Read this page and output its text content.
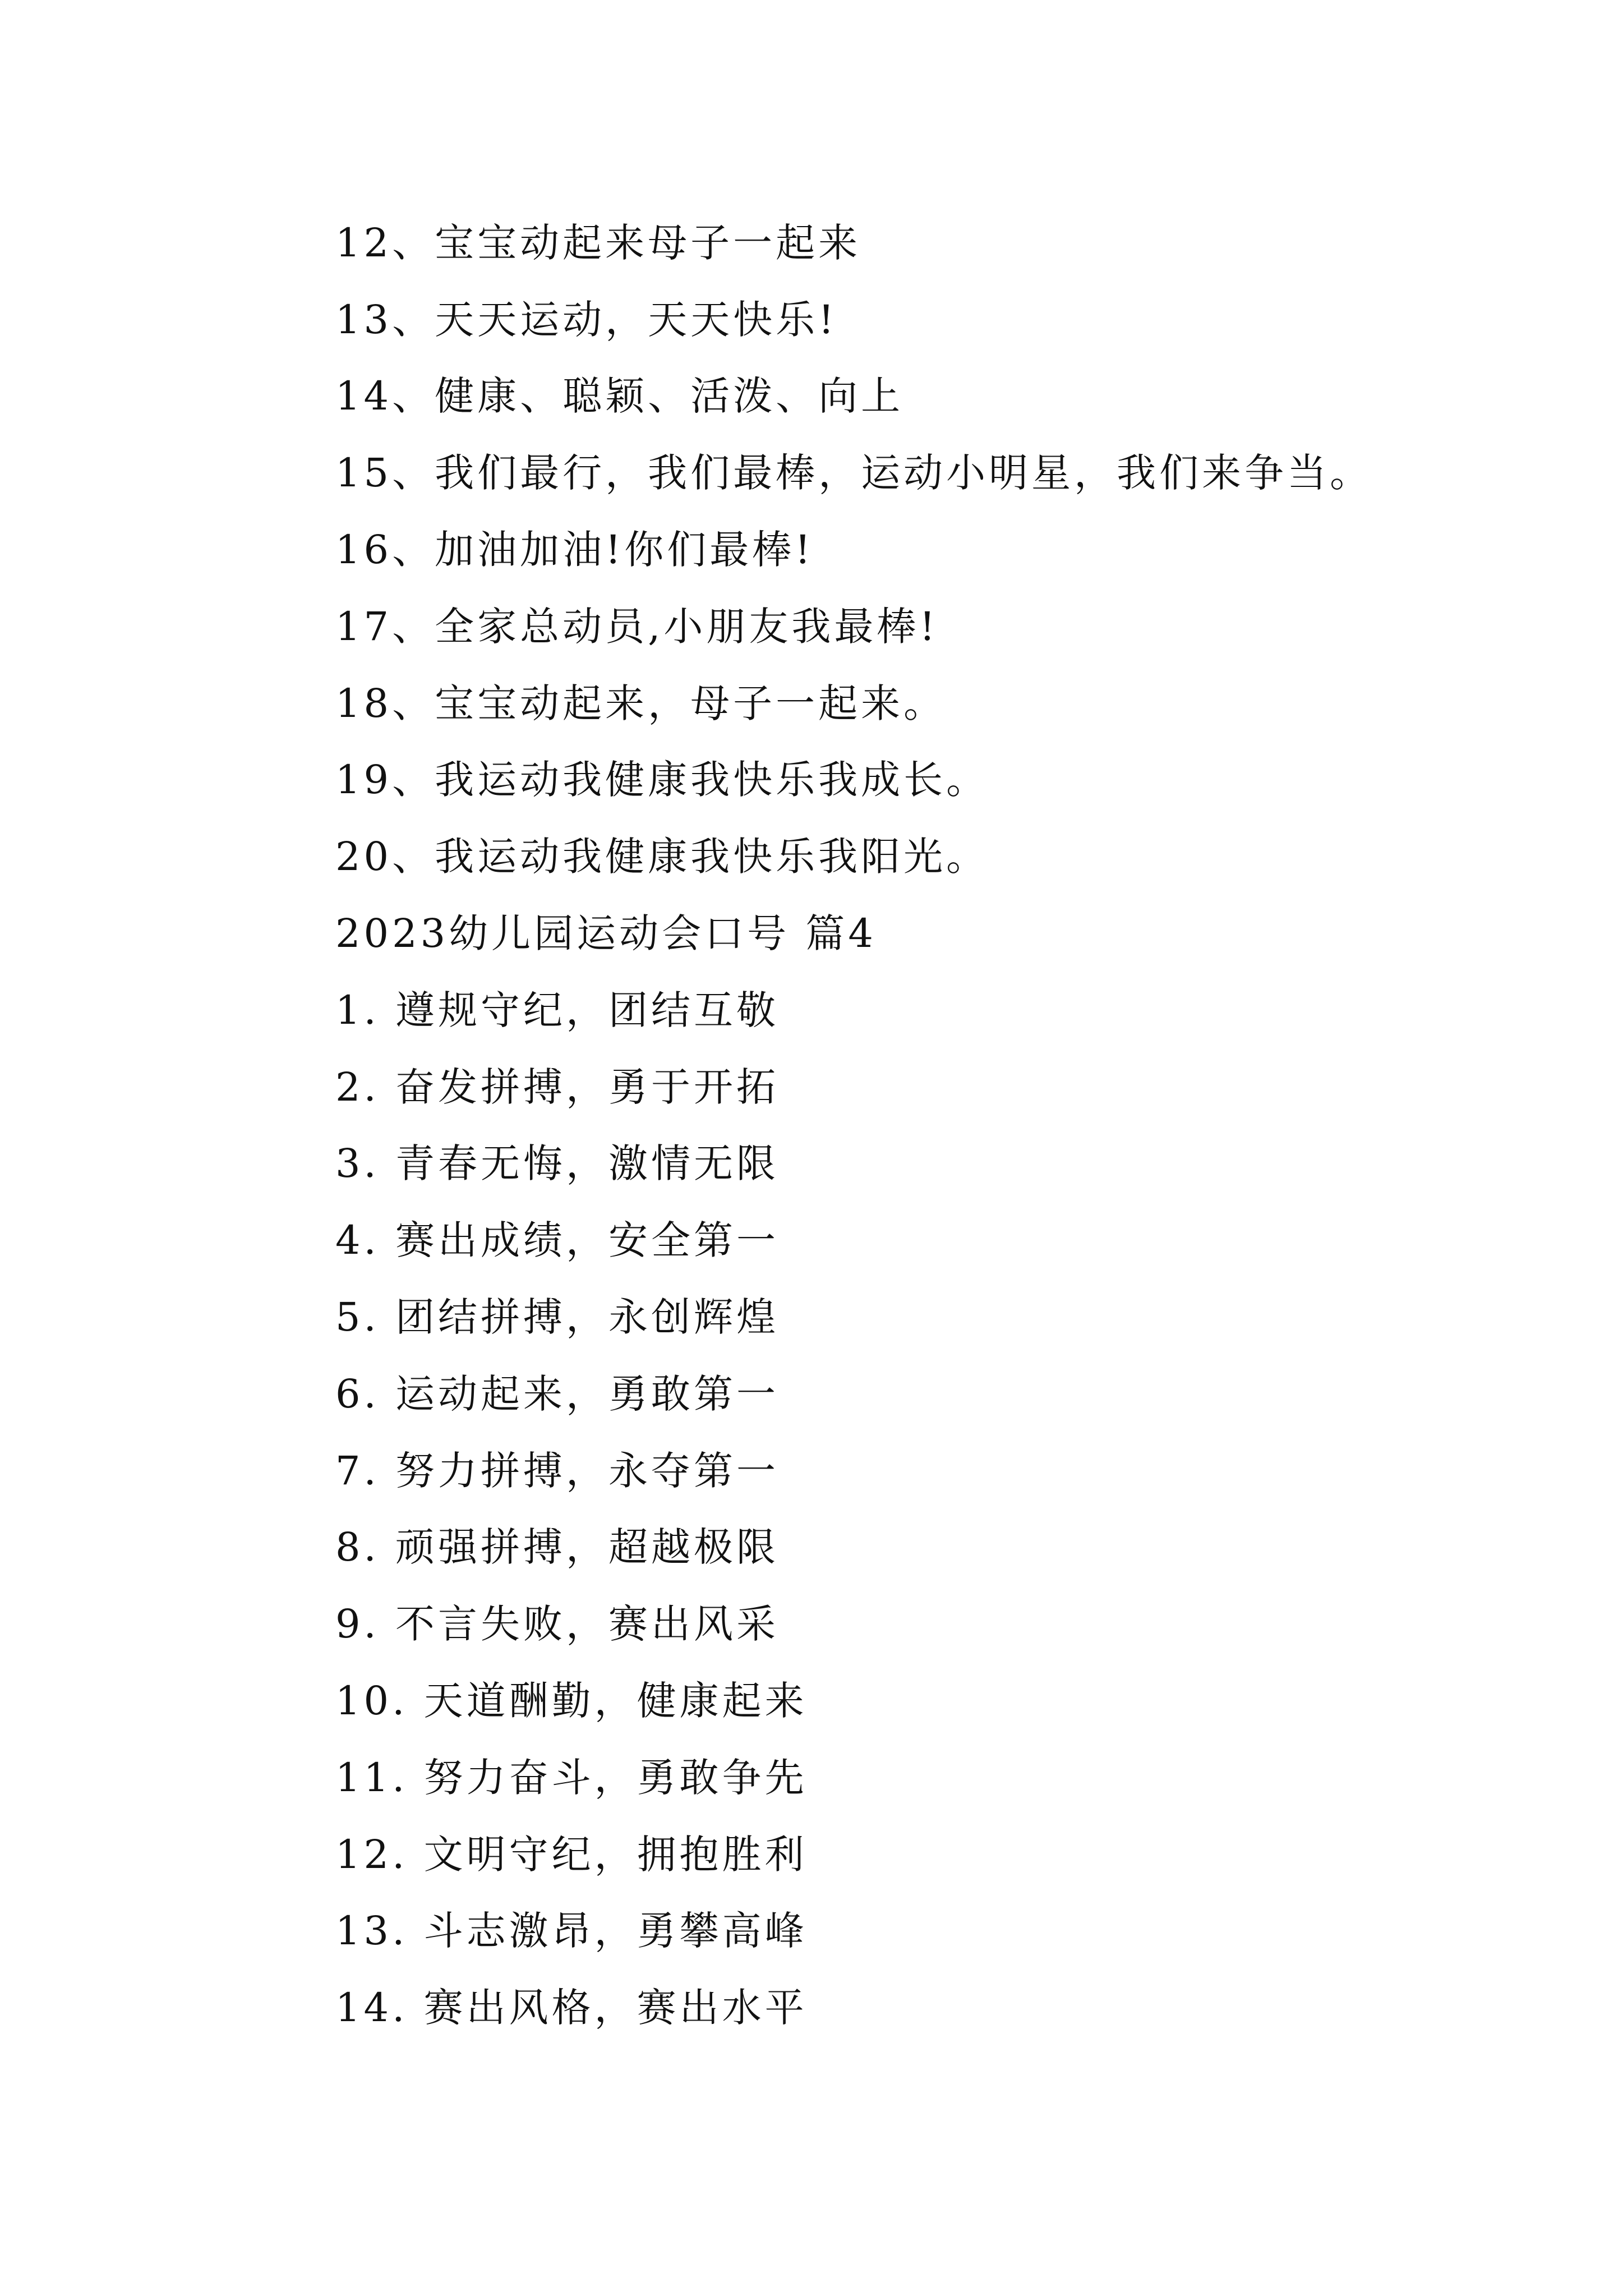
12、宝宝动起来母子一起来
13、天天运动，天天快乐!
14、健康、聪颖、活泼、向上
15、我们最行，我们最棒，运动小明星，我们来争当。
16、加油加油!你们最棒!
17、全家总动员,小朋友我最棒!
18、宝宝动起来，母子一起来。
19、我运动我健康我快乐我成长。
20、我运动我健康我快乐我阳光。
2023幼儿园运动会口号 篇4
1. 遵规守纪，团结互敬
2. 奋发拼搏，勇于开拓
3. 青春无悔，激情无限
4. 赛出成绩，安全第一
5. 团结拼搏，永创辉煌
6. 运动起来，勇敢第一
7. 努力拼搏，永夺第一
8. 顽强拼搏，超越极限
9. 不言失败，赛出风采
10. 天道酬勤，健康起来
11. 努力奋斗，勇敢争先
12. 文明守纪，拥抱胜利
13. 斗志激昂，勇攀高峰
14. 赛出风格，赛出水平
